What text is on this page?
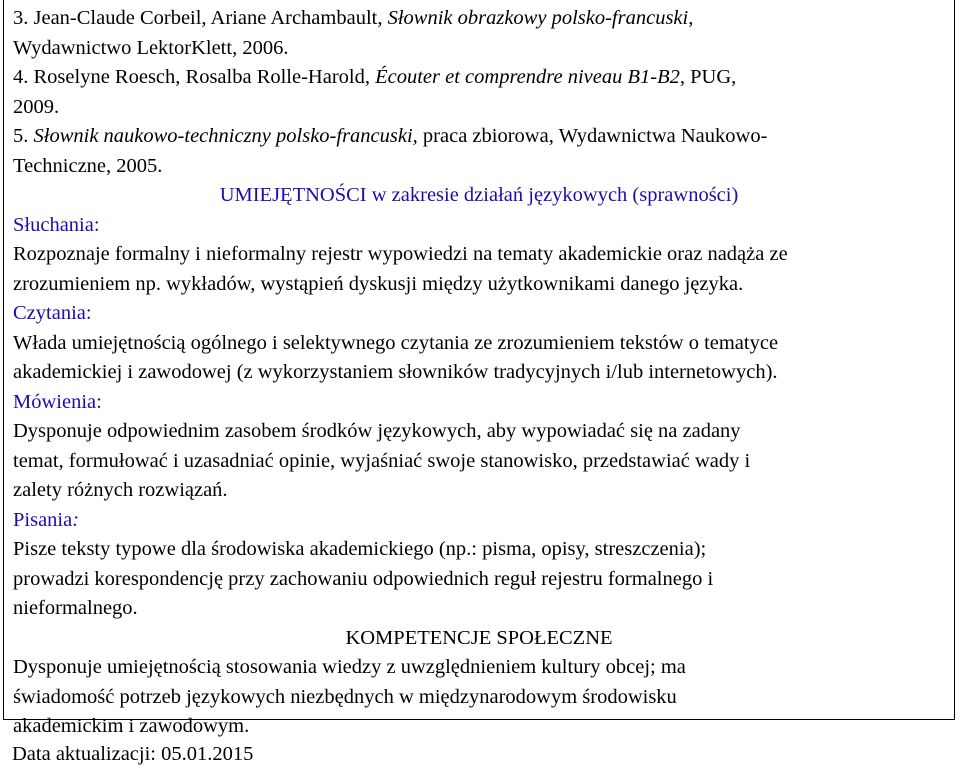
3. Jean-Claude Corbeil, Ariane Archambault, Słownik obrazkowy polsko-francuski,
Wydawnictwo LektorKlett, 2006.
4. Roselyne Roesch, Rosalba Rolle-Harold, Écouter et comprendre niveau B1-B2, PUG,
2009.
5. Słownik naukowo-techniczny polsko-francuski, praca zbiorowa, Wydawnictwa Naukowo-
Techniczne, 2005.
UMIEJĘTNOŚCI w zakresie działań językowych (sprawności)
Słuchania:
Rozpoznaje formalny i nieformalny rejestr wypowiedzi na tematy akademickie oraz nadąża ze
zrozumieniem np. wykładów, wystąpień dyskusji między użytkownikami danego języka.
Czytania:
Włada umiejętnością ogólnego i selektywnego czytania ze zrozumieniem tekstów o tematyce
akademickiej i zawodowej (z wykorzystaniem słowników tradycyjnych i/lub internetowych).
Mówienia:
Dysponuje odpowiednim zasobem środków językowych, aby wypowiadać się na zadany
temat, formułować i uzasadniać opinie, wyjaśniać swoje stanowisko, przedstawiać wady i
zalety różnych rozwiązań.
Pisania:
Pisze teksty typowe dla środowiska akademickiego (np.: pisma, opisy, streszczenia);
prowadzi korespondencję przy zachowaniu odpowiednich reguł rejestru formalnego i
nieformalnego.
KOMPETENCJE SPOŁECZNE
Dysponuje umiejętnością stosowania wiedzy z uwzględnieniem kultury obcej; ma
świadomość potrzeb językowych niezbędnych w międzynarodowym środowisku
akademickim i zawodowym.
Data aktualizacji: 05.01.2015
